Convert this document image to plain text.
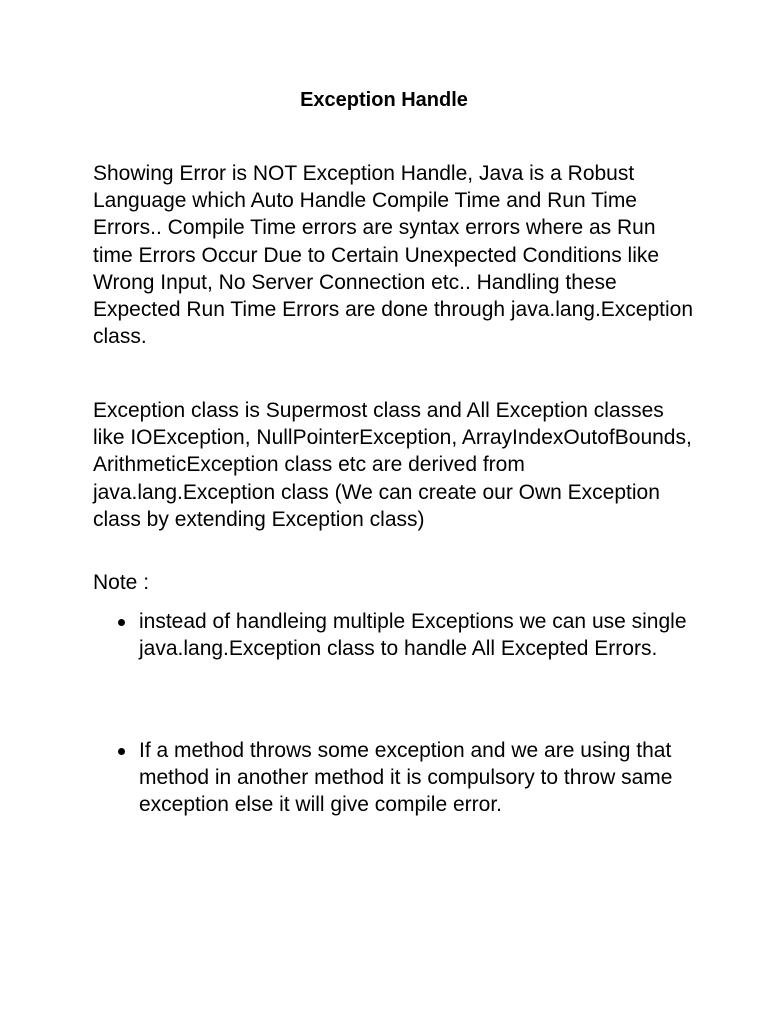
Exception Handle

Showing Error is NOT Exception Handle, Java is a Robust Language which Auto Handle Compile Time and Run Time Errors.. Compile Time errors are syntax errors where as Run time Errors Occur Due to Certain Unexpected Conditions like Wrong Input, No Server Connection etc.. Handling these Expected Run Time Errors are done through java.lang.Exception class.

Exception class is Supermost class and All Exception classes like IOException, NullPointerException, ArrayIndexOutofBounds, ArithmeticException class etc are derived from java.lang.Exception class (We can create our Own Exception class by extending Exception class)

Note :

instead of handleing multiple Exceptions we can use single java.lang.Exception class to handle All Excepted Errors.
If a method throws some exception and we are using that method in another method it is compulsory to throw same exception else it will give compile error.
